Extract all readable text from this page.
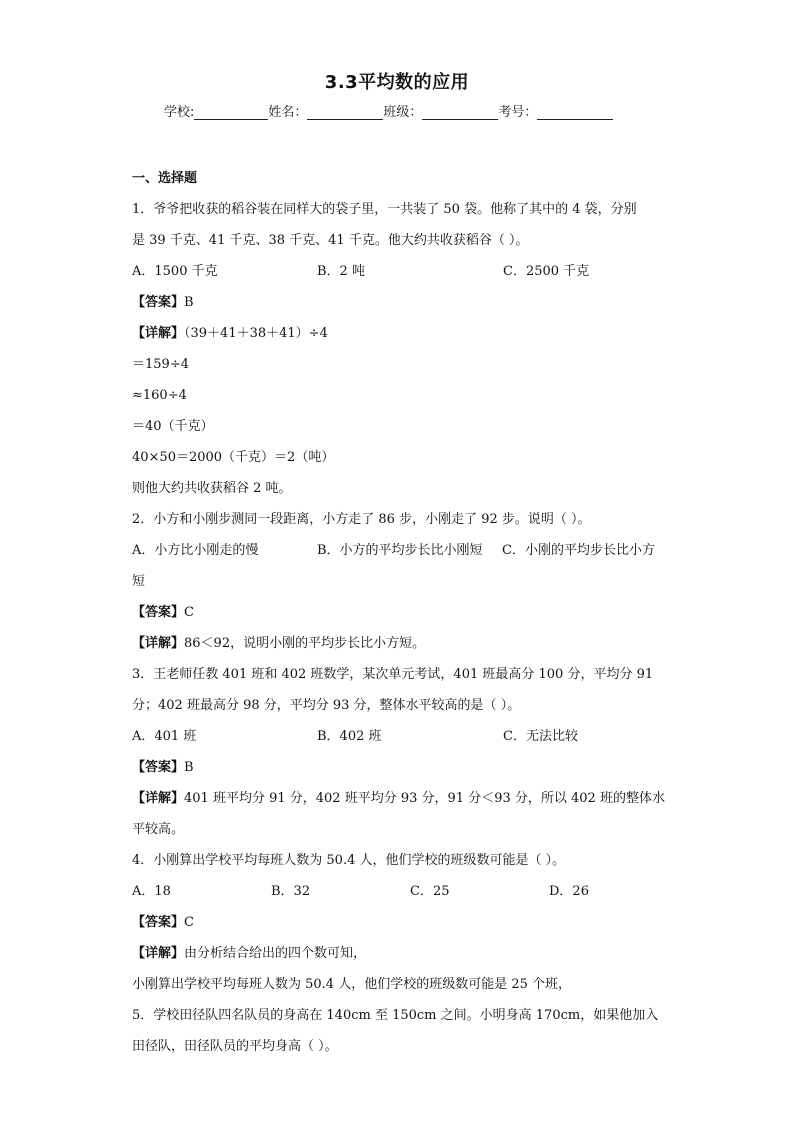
3.3平均数的应用
学校:	姓名：	班级：	考号：

一、选择题

1．爷爷把收获的稻谷装在同样大的袋子里，一共装了 50 袋。他称了其中的 4 袋，分别

是 39 千克、41 千克、38 千克、41 千克。他大约共收获稻谷（ ）。

A．1500 千克	B．2 吨	C．2500 千克

【答案】B

【详解】（39＋41＋38＋41）÷4

＝159÷4

≈160÷4

＝40（千克）

40×50＝2000（千克）＝2（吨）

则他大约共收获稻谷 2 吨。

2．小方和小刚步测同一段距离，小方走了 86 步，小刚走了 92 步。说明（ ）。

A．小方比小刚走的慢	B．小方的平均步长比小刚短	C．小刚的平均步长比小方

短

【答案】C

【详解】86＜92，说明小刚的平均步长比小方短。

3．王老师任教 401 班和 402 班数学，某次单元考试，401 班最高分 100 分，平均分 91

分；402 班最高分 98 分，平均分 93 分，整体水平较高的是（ ）。

A．401 班	B．402 班	C．无法比较

【答案】B

【详解】401 班平均分 91 分，402 班平均分 93 分，91 分＜93 分，所以 402 班的整体水

平较高。

4．小刚算出学校平均每班人数为 50.4 人，他们学校的班级数可能是（ ）。

A．18	B．32	C．25	D．26

【答案】C

【详解】由分析结合给出的四个数可知，

小刚算出学校平均每班人数为 50.4 人，他们学校的班级数可能是 25 个班，

5．学校田径队四名队员的身高在 140cm 至 150cm 之间。小明身高 170cm，如果他加入

田径队，田径队员的平均身高（ ）。
